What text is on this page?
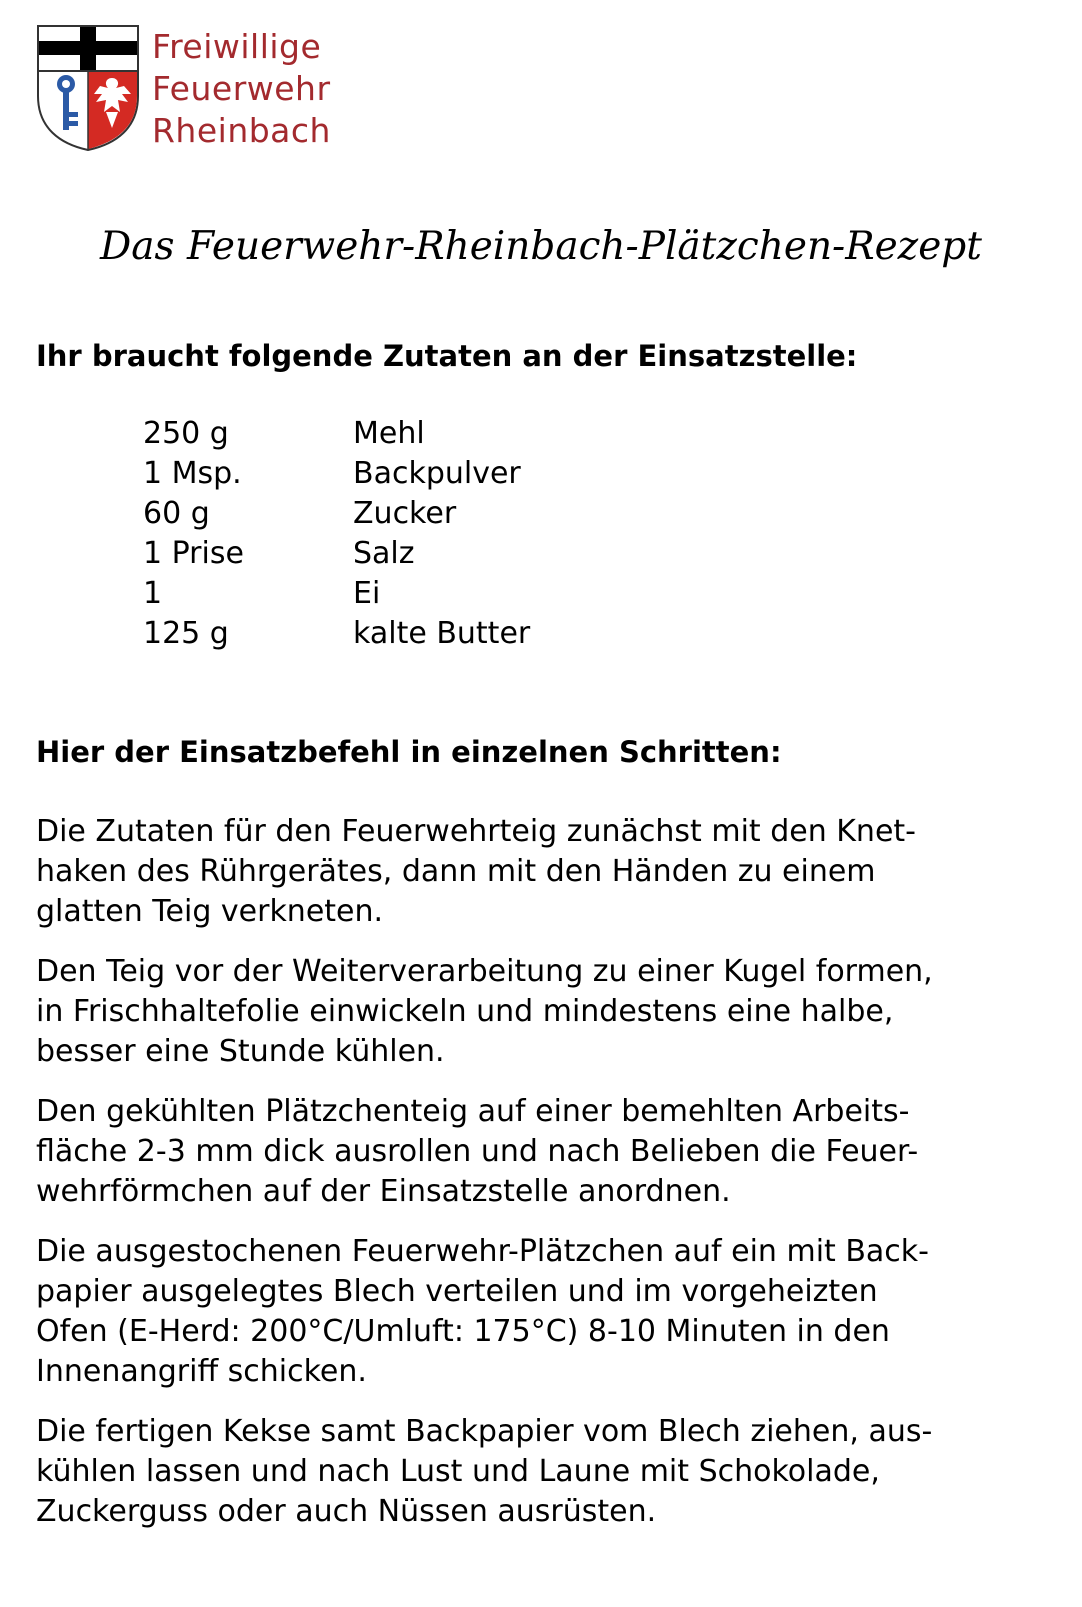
Freiwillige
Feuerwehr
Rheinbach
Das Feuerwehr-Rheinbach-Plätzchen-Rezept
Ihr braucht folgende Zutaten an der Einsatzstelle:
250 g	Mehl
1 Msp.	Backpulver
60 g	Zucker
1 Prise	Salz
1	Ei
125 g	kalte Butter
Hier der Einsatzbefehl in einzelnen Schritten:

Die Zutaten für den Feuerwehrteig zunächst mit den Knet-
haken des Rührgerätes, dann mit den Händen zu einem
glatten Teig verkneten.

Den Teig vor der Weiterverarbeitung zu einer Kugel formen,
in Frischhaltefolie einwickeln und mindestens eine halbe,
besser eine Stunde kühlen.

Den gekühlten Plätzchenteig auf einer bemehlten Arbeits-
fläche 2-3 mm dick ausrollen und nach Belieben die Feuer-
wehrförmchen auf der Einsatzstelle anordnen.

Die ausgestochenen Feuerwehr-Plätzchen auf ein mit Back-
papier ausgelegtes Blech verteilen und im vorgeheizten
Ofen (E-Herd: 200°C/Umluft: 175°C) 8-10 Minuten in den
Innenangriff schicken.

Die fertigen Kekse samt Backpapier vom Blech ziehen, aus-
kühlen lassen und nach Lust und Laune mit Schokolade,
Zuckerguss oder auch Nüssen ausrüsten.
